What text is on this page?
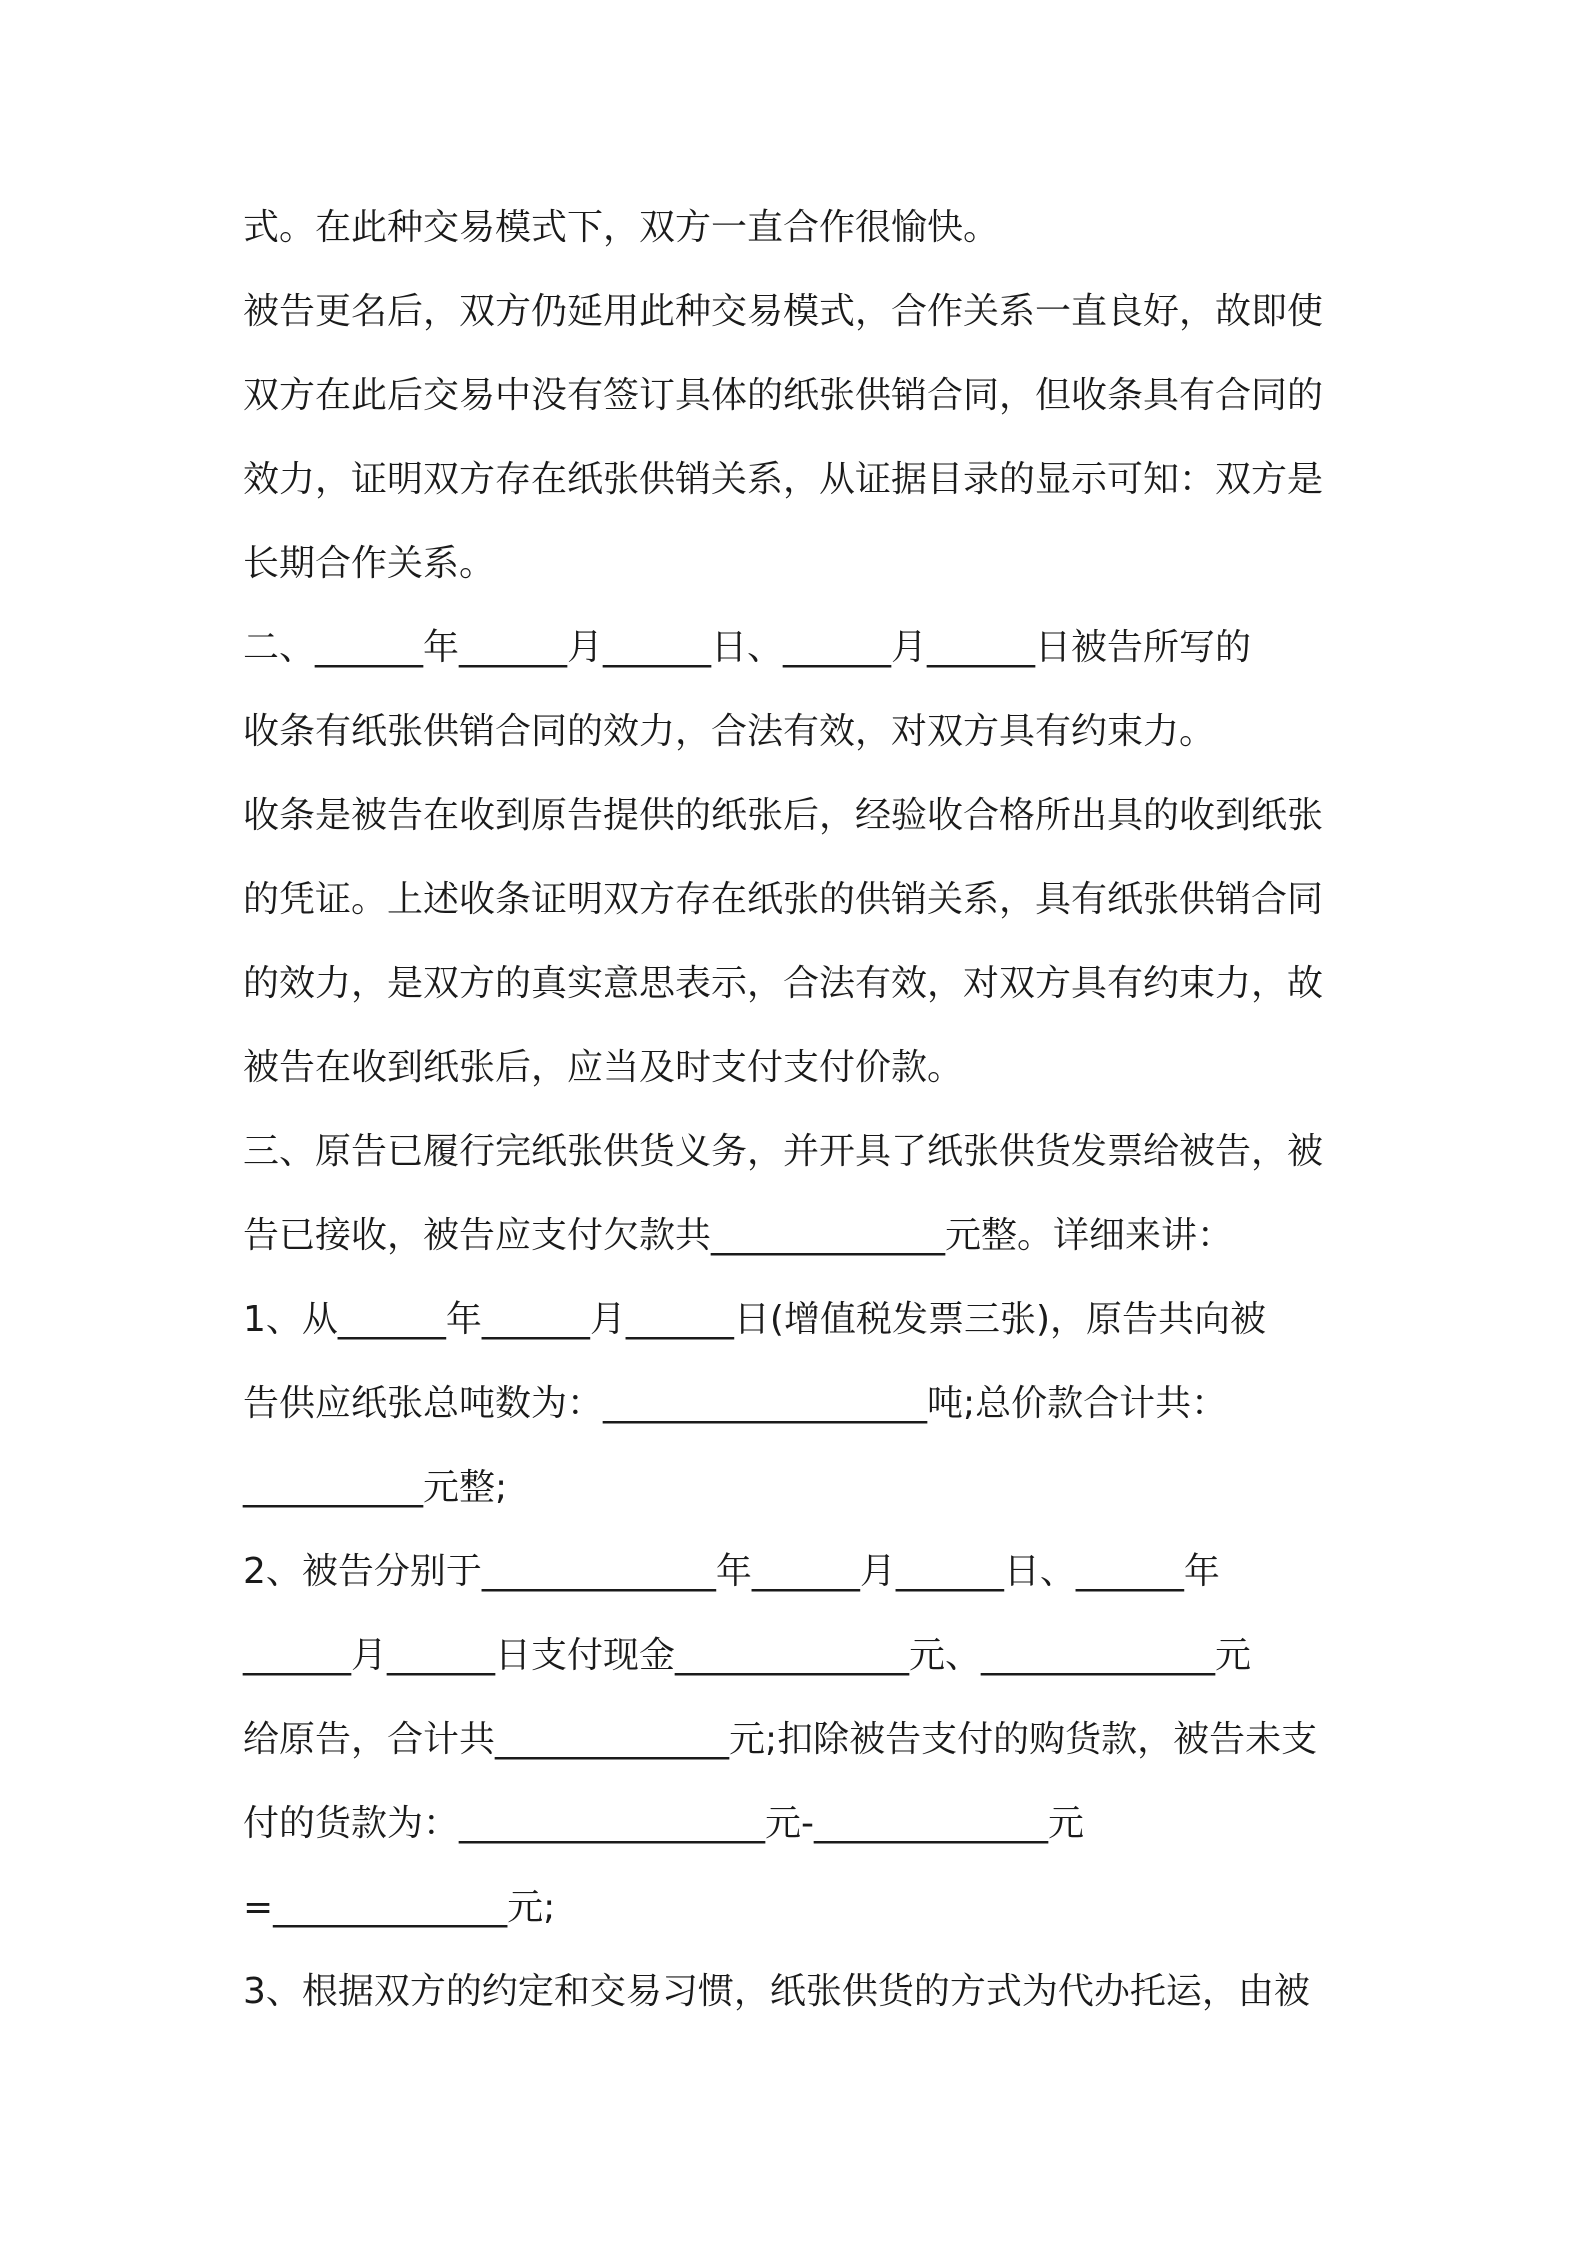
式。在此种交易模式下，双方一直合作很愉快。
被告更名后，双方仍延用此种交易模式，合作关系一直良好，故即使
双方在此后交易中没有签订具体的纸张供销合同，但收条具有合同的
效力，证明双方存在纸张供销关系，从证据目录的显示可知：双方是
长期合作关系。
二、______年______月______日、______月______日被告所写的
收条有纸张供销合同的效力，合法有效，对双方具有约束力。
收条是被告在收到原告提供的纸张后，经验收合格所出具的收到纸张
的凭证。上述收条证明双方存在纸张的供销关系，具有纸张供销合同
的效力，是双方的真实意思表示，合法有效，对双方具有约束力，故
被告在收到纸张后，应当及时支付支付价款。
三、原告已履行完纸张供货义务，并开具了纸张供货发票给被告，被
告已接收，被告应支付欠款共_____________元整。详细来讲：
1、从______年______月______日(增值税发票三张)，原告共向被
告供应纸张总吨数为：__________________吨;总价款合计共：
__________元整;
2、被告分别于_____________年______月______日、______年
______月______日支付现金_____________元、_____________元
给原告，合计共_____________元;扣除被告支付的购货款，被告未支
付的货款为：_________________元-_____________元
=_____________元;
3、根据双方的约定和交易习惯，纸张供货的方式为代办托运，由被
